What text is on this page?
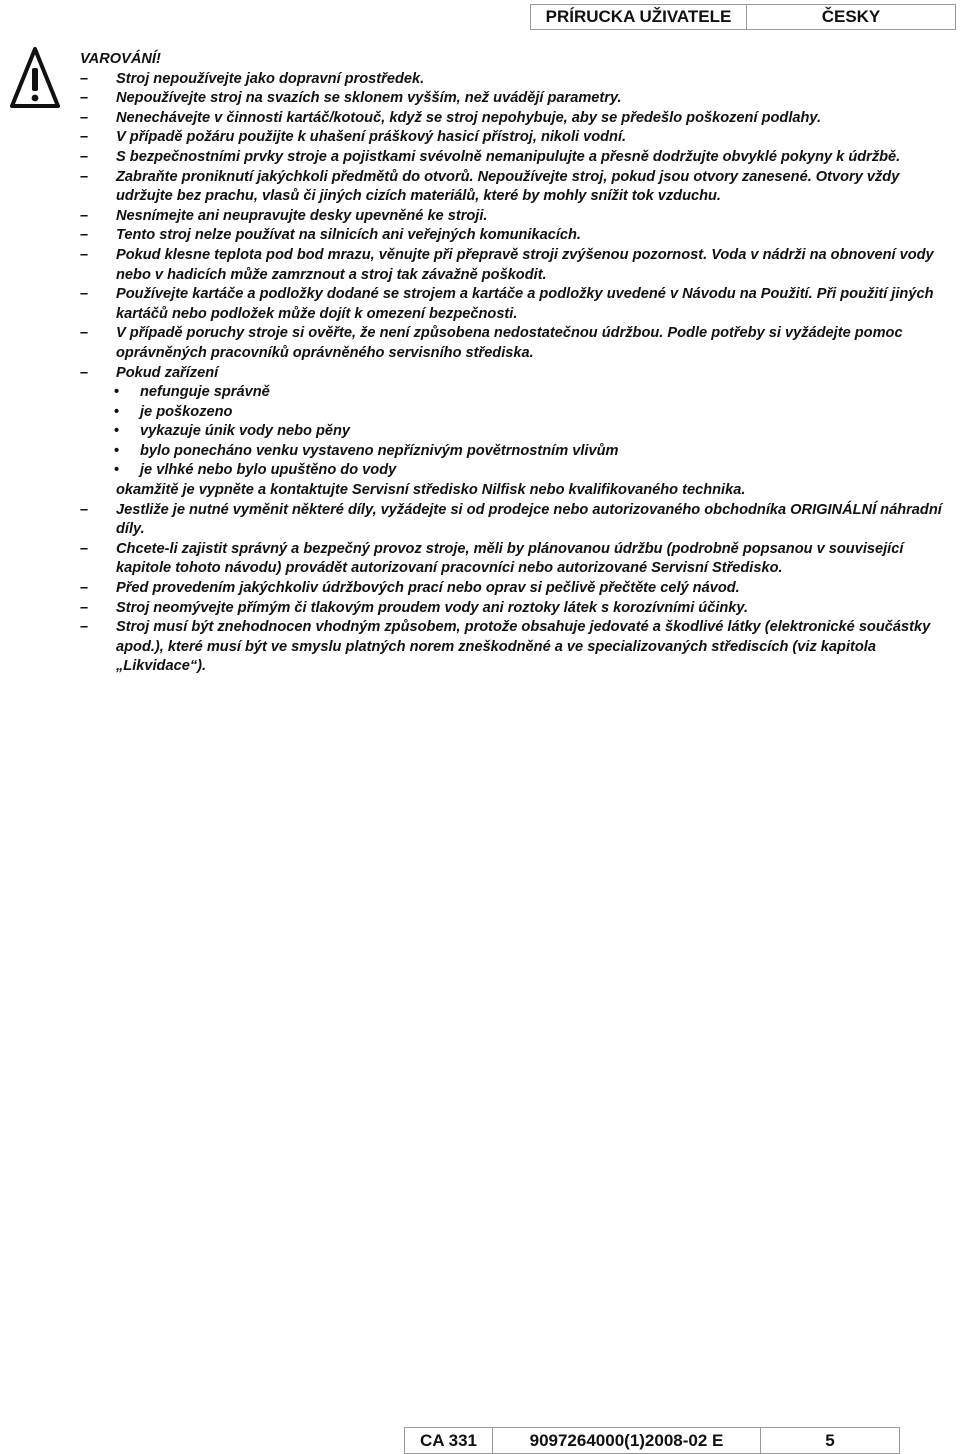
PRÍRUCKA UŽIVATELE	ČESKY
VAROVÁNÍ!
–	Stroj nepoužívejte jako dopravní prostředek.
–	Nepoužívejte stroj na svazích se sklonem vyšším, než uvádějí parametry.
–	Nenechávejte v činnosti kartáč/kotouč, když se stroj nepohybuje, aby se předešlo poškození podlahy.
–	V případě požáru použijte k uhašení práškový hasicí přístroj, nikoli vodní.
–	S bezpečnostními prvky stroje a pojistkami svévolně nemanipulujte a přesně dodržujte obvyklé pokyny k údržbě.
–	Zabraňte proniknutí jakýchkoli předmětů do otvorů. Nepoužívejte stroj, pokud jsou otvory zanesené. Otvory vždy udržujte bez prachu, vlasů či jiných cizích materiálů, které by mohly snížit tok vzduchu.
–	Nesnímejte ani neupravujte desky upevněné ke stroji.
–	Tento stroj nelze používat na silnicích ani veřejných komunikacích.
–	Pokud klesne teplota pod bod mrazu, věnujte při přepravě stroji zvýšenou pozornost. Voda v nádrži na obnovení vody nebo v hadicích může zamrznout a stroj tak závažně poškodit.
–	Používejte kartáče a podložky dodané se strojem a kartáče a podložky uvedené v Návodu na Použití. Při použití jiných kartáčů nebo podložek může dojít k omezení bezpečnosti.
–	V případě poruchy stroje si ověřte, že není způsobena nedostatečnou údržbou. Podle potřeby si vyžádejte pomoc oprávněných pracovníků oprávněného servisního střediska.
–	Pokud zařízení
• nefunguje správně
• je poškozeno
• vykazuje únik vody nebo pěny
• bylo ponecháno venku vystaveno nepříznivým povětrnostním vlivům
• je vlhké nebo bylo upuštěno do vody
okamžitě je vypněte a kontaktujte Servisní středisko Nilfisk nebo kvalifikovaného technika.
–	Jestliže je nutné vyměnit některé díly, vyžádejte si od prodejce nebo autorizovaného obchodníka ORIGINÁLNÍ náhradní díly.
–	Chcete-li zajistit správný a bezpečný provoz stroje, měli by plánovanou údržbu (podrobně popsanou v související kapitole tohoto návodu) provádět autorizovaní pracovníci nebo autorizované Servisní Středisko.
–	Před provedením jakýchkoliv údržbových prací nebo oprav si pečlivě přečtěte celý návod.
–	Stroj neomývejte přímým či tlakovým proudem vody ani roztoky látek s korozívními účinky.
–	Stroj musí být znehodnocen vhodným způsobem, protože obsahuje jedovaté a škodlivé látky (elektronické součástky apod.), které musí být ve smyslu platných norem zneškodněné a ve specializovaných střediscích (viz kapitola „Likvidace“).
CA 331	9097264000(1)2008-02 E	5
